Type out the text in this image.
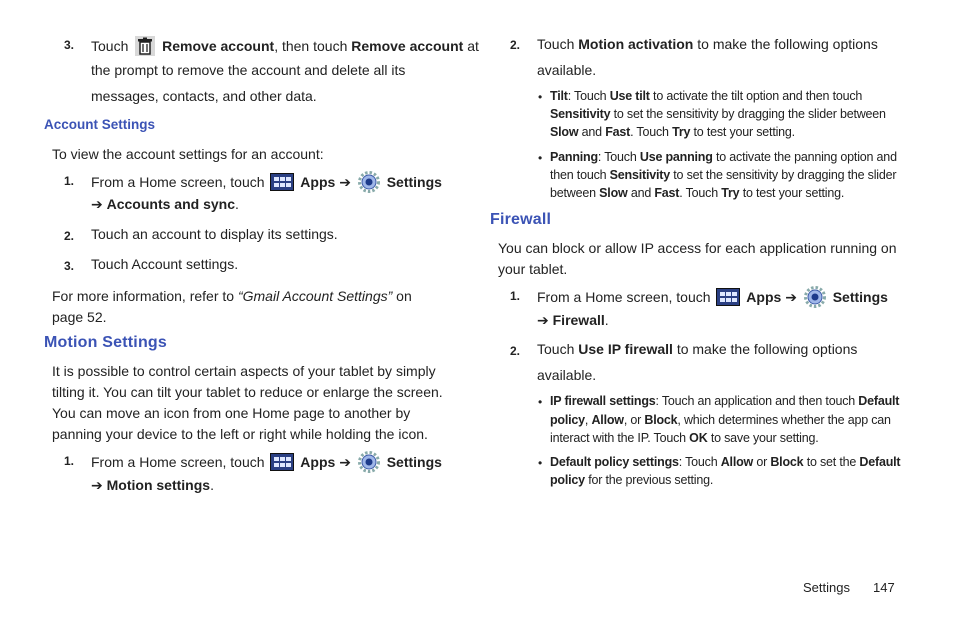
3.	Touch Remove account, then touch Remove account at
the prompt to remove the account and delete all its
messages, contacts, and other data.
Account Settings
To view the account settings for an account:
1.	From a Home screen, touch	Apps ➔	Settings
➔ Accounts and sync.
2.	Touch an account to display its settings.
3.	Touch Account settings.
For more information, refer to “Gmail Account Settings” on
page 52.
Motion Settings
It is possible to control certain aspects of your tablet by simply
tilting it. You can tilt your tablet to reduce or enlarge the screen.
You can move an icon from one Home page to another by
panning your device to the left or right while holding the icon.
1.	From a Home screen, touch	Apps ➔	Settings
➔ Motion settings.
2.	Touch Motion activation to make the following options
available.
• Tilt: Touch Use tilt to activate the tilt option and then touch
Sensitivity to set the sensitivity by dragging the slider between
Slow and Fast. Touch Try to test your setting.
• Panning: Touch Use panning to activate the panning option and
then touch Sensitivity to set the sensitivity by dragging the slider
between Slow and Fast. Touch Try to test your setting.
Firewall
You can block or allow IP access for each application running on
your tablet.
1.	From a Home screen, touch	Apps ➔	Settings
➔ Firewall.
2.	Touch Use IP firewall to make the following options
available.
• IP firewall settings: Touch an application and then touch Default
policy, Allow, or Block, which determines whether the app can
interact with the IP. Touch OK to save your setting.
• Default policy settings: Touch Allow or Block to set the Default
policy for the previous setting.
Settings 147
